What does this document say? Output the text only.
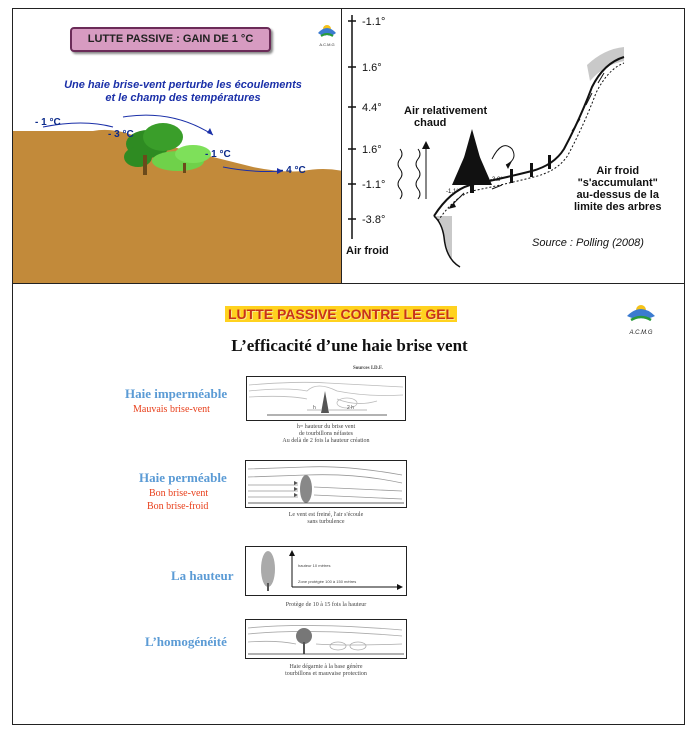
LUTTE PASSIVE : GAIN DE 1 °C	A.C.M.G
Une haie brise-vent perturbe les écoulements
et le champ des températures
- 1 °C
- 3 °C
- 1 °C
- 4 °C
-1.1°
1.6°
4.4°
1.6°
-1.1°
-3.8°
Air relativement
chaud
Air froid
-1.1°
-3.8°
Air froid
"s'accumulant"
au-dessus de la
limite des arbres
Source : Polling (2008)
LUTTE PASSIVE CONTRE LE GEL
A.C.M.G
L’efficacité d’une haie brise vent
Sources I.D.F.
Haie imperméable
Mauvais brise-vent	h	2 h
h= hauteur du brise vent
de tourbillons néfastes
Au delà de 2 fois la hauteur création
Haie perméable
Bon brise-vent
Bon brise-froid
Le vent est freiné, l'air s'écoule
sans turbulence
La hauteur
hauteur 10 mètres
Zone protégée 100 à 150 mètres
Protège de 10 à 15 fois la hauteur
L’homogénéité
Haie dégarnie à la base génère
tourbillons et mauvaise protection
